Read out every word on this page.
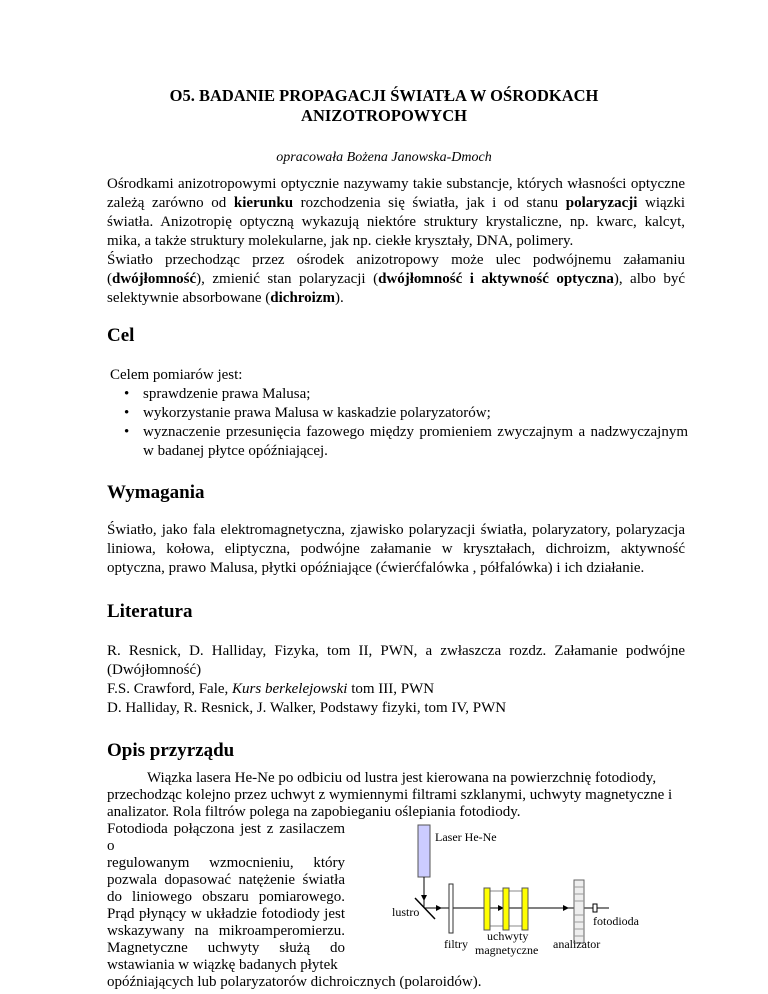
O5. BADANIE PROPAGACJI ŚWIATŁA W OŚRODKACH
ANIZOTROPOWYCH
opracowała Bożena Janowska-Dmoch
Ośrodkami anizotropowymi optycznie nazywamy takie substancje, których własności optyczne zależą zarówno od kierunku rozchodzenia się światła, jak i od stanu polaryzacji wiązki światła. Anizotropię optyczną wykazują niektóre struktury krystaliczne, np. kwarc, kalcyt, mika, a także struktury molekularne, jak np. ciekłe kryształy, DNA, polimery.
Światło przechodząc przez ośrodek anizotropowy może ulec podwójnemu załamaniu (dwójłomność), zmienić stan polaryzacji (dwójłomność i aktywność optyczna), albo być selektywnie absorbowane (dichroizm).
Cel
Celem pomiarów jest:
• sprawdzenie prawa Malusa;
• wykorzystanie prawa Malusa w kaskadzie polaryzatorów;
• wyznaczenie przesunięcia fazowego między promieniem zwyczajnym a nadzwyczajnym w badanej płytce opóźniającej.
Wymagania
Światło, jako fala elektromagnetyczna, zjawisko polaryzacji światła, polaryzatory, polaryzacja liniowa, kołowa, eliptyczna, podwójne załamanie w kryształach, dichroizm, aktywność optyczna, prawo Malusa, płytki opóźniające (ćwierćfalówka , półfalówka) i ich działanie.
Literatura
R. Resnick, D. Halliday, Fizyka, tom II, PWN, a zwłaszcza rozdz. Załamanie podwójne (Dwójłomność)
F.S. Crawford, Fale, Kurs berkelejowski tom III, PWN
D. Halliday, R. Resnick, J. Walker, Podstawy fizyki, tom IV, PWN
Opis przyrządu
Wiązka lasera He-Ne po odbiciu od lustra jest kierowana na powierzchnię fotodiody,
przechodząc kolejno przez uchwyt z wymiennymi filtrami szklanymi, uchwyty magnetyczne i
analizator. Rola filtrów polega na zapobieganiu oślepiania fotodiody.
Fotodioda połączona jest z zasilaczem o
regulowanym wzmocnieniu, który
pozwala dopasować natężenie światła
do liniowego obszaru pomiarowego.
Prąd płynący w układzie fotodiody jest
wskazywany na mikroamperomierzu.
Magnetyczne uchwyty służą do
wstawiania w wiązkę badanych płytek
opóźniających lub polaryzatorów dichroicznych (polaroidów).
Laser He-Ne
lustro
filtry
uchwyty
magnetyczne analizator
fotodioda
